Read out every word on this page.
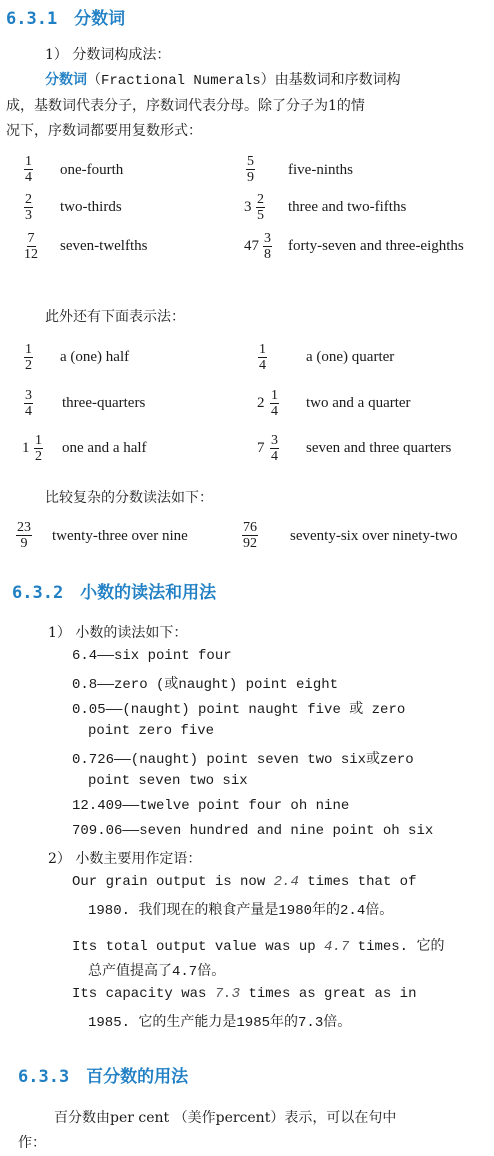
6.3.1　分数词
1） 分数词构成法：
分数词（Fractional Numerals）由基数词和序数词构
成，基数词代表分子，序数词代表分母。除了分子为1的情
况下，序数词都要用复数形式：
$\frac{1}{4}$ one-fourth	$\frac{5}{9}$ five-ninths
$\frac{2}{3}$ two-thirds	$3 \frac{2}{5}$ three and two-fifths
$\frac{7}{12}$ seven-twelfths	$47 \frac{3}{8}$ forty-seven and three-eighths
此外还有下面表示法：
$\frac{1}{2}$ a (one) half	$\frac{1}{4}$	a (one) quarter
$\frac{3}{4}$ three-quarters	$2 \frac{1}{4}$ two and a quarter
$1 \frac{1}{2}$ one and a half	$7 \frac{3}{4}$ seven and three quarters
比较复杂的分数读法如下：
$\frac{23}{9}$ twenty-three over nine	$\frac{76}{92}$ seventy-six over ninety-two
6.3.2　小数的读法和用法
1） 小数的读法如下：
6.4——six point four
0.8——zero (或naught) point eight
0.05——(naught) point naught five 或 zero
point zero five
0.726——(naught) point seven two six或zero
point seven two six
12.409——twelve point four oh nine
709.06——seven hundred and nine point oh six
2） 小数主要用作定语：
Our grain output is now 2.4 times that of
1980. 我们现在的粮食产量是1980年的2.4倍。
Its total output value was up 4.7 times. 它的
总产值提高了4.7倍。
Its capacity was 7.3 times as great as in
1985. 它的生产能力是1985年的7.3倍。
6.3.3　百分数的用法
百分数由per cent （美作percent）表示，可以在句中
作：
